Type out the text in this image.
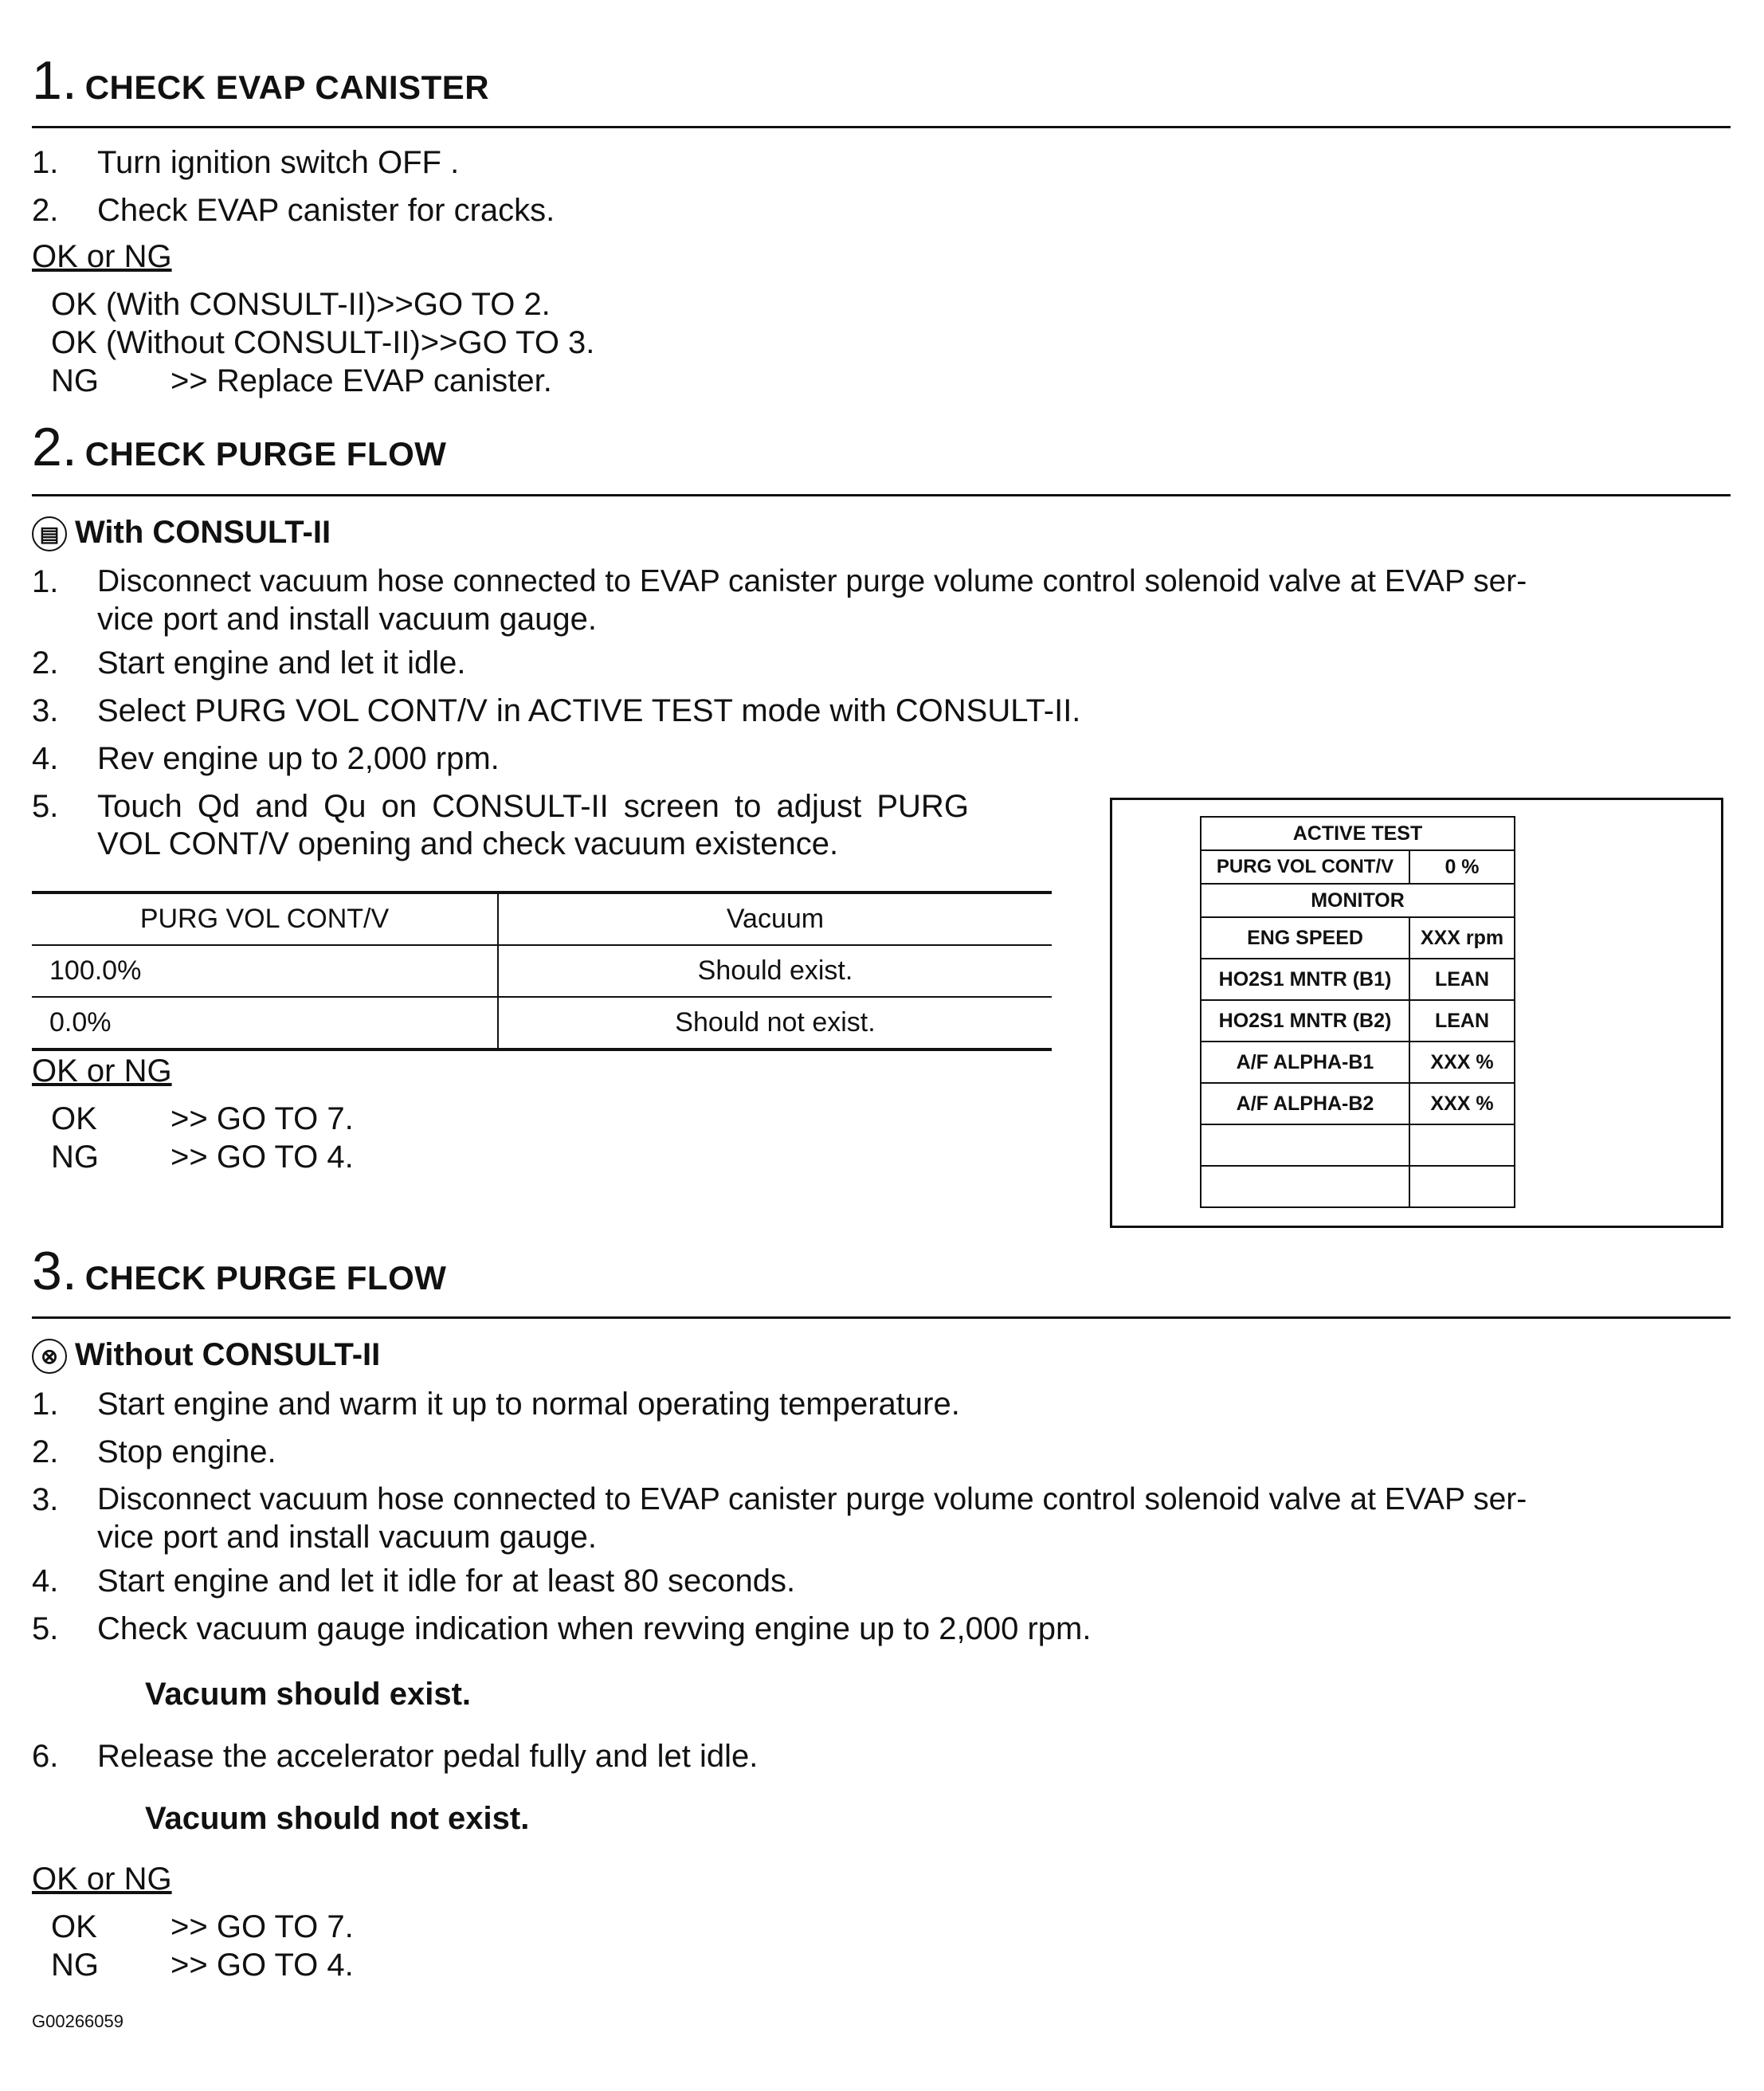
1. CHECK EVAP CANISTER
1. Turn ignition switch OFF .
2. Check EVAP canister for cracks.
OK or NG
OK (With CONSULT-II)>>GO TO 2.
OK (Without CONSULT-II)>>GO TO 3.
NG >> Replace EVAP canister.
2. CHECK PURGE FLOW
▤ With CONSULT-II
1. Disconnect vacuum hose connected to EVAP canister purge volume control solenoid valve at EVAP ser-
vice port and install vacuum gauge.
2. Start engine and let it idle.
3. Select PURG VOL CONT/V in ACTIVE TEST mode with CONSULT-II.
4. Rev engine up to 2,000 rpm.
5. Touch Qd and Qu on CONSULT-II screen to adjust PURG
VOL CONT/V opening and check vacuum existence.
PURG VOL CONT/V	Vacuum
100.0%	Should exist.
0.0%	Should not exist.
OK or NG
OK >> GO TO 7.
NG >> GO TO 4.
ACTIVE TEST	
PURG VOL CONT/V	0 %
MONITOR	
ENG SPEED	XXX rpm
HO2S1 MNTR (B1)	LEAN
HO2S1 MNTR (B2)	LEAN
A/F ALPHA-B1	XXX %
A/F ALPHA-B2	XXX %

3. CHECK PURGE FLOW
⊗ Without CONSULT-II
1. Start engine and warm it up to normal operating temperature.
2. Stop engine.
3. Disconnect vacuum hose connected to EVAP canister purge volume control solenoid valve at EVAP ser-
vice port and install vacuum gauge.
4. Start engine and let it idle for at least 80 seconds.
5. Check vacuum gauge indication when revving engine up to 2,000 rpm.
Vacuum should exist.
6. Release the accelerator pedal fully and let idle.
Vacuum should not exist.
OK or NG
OK >> GO TO 7.
NG >> GO TO 4.
G00266059
